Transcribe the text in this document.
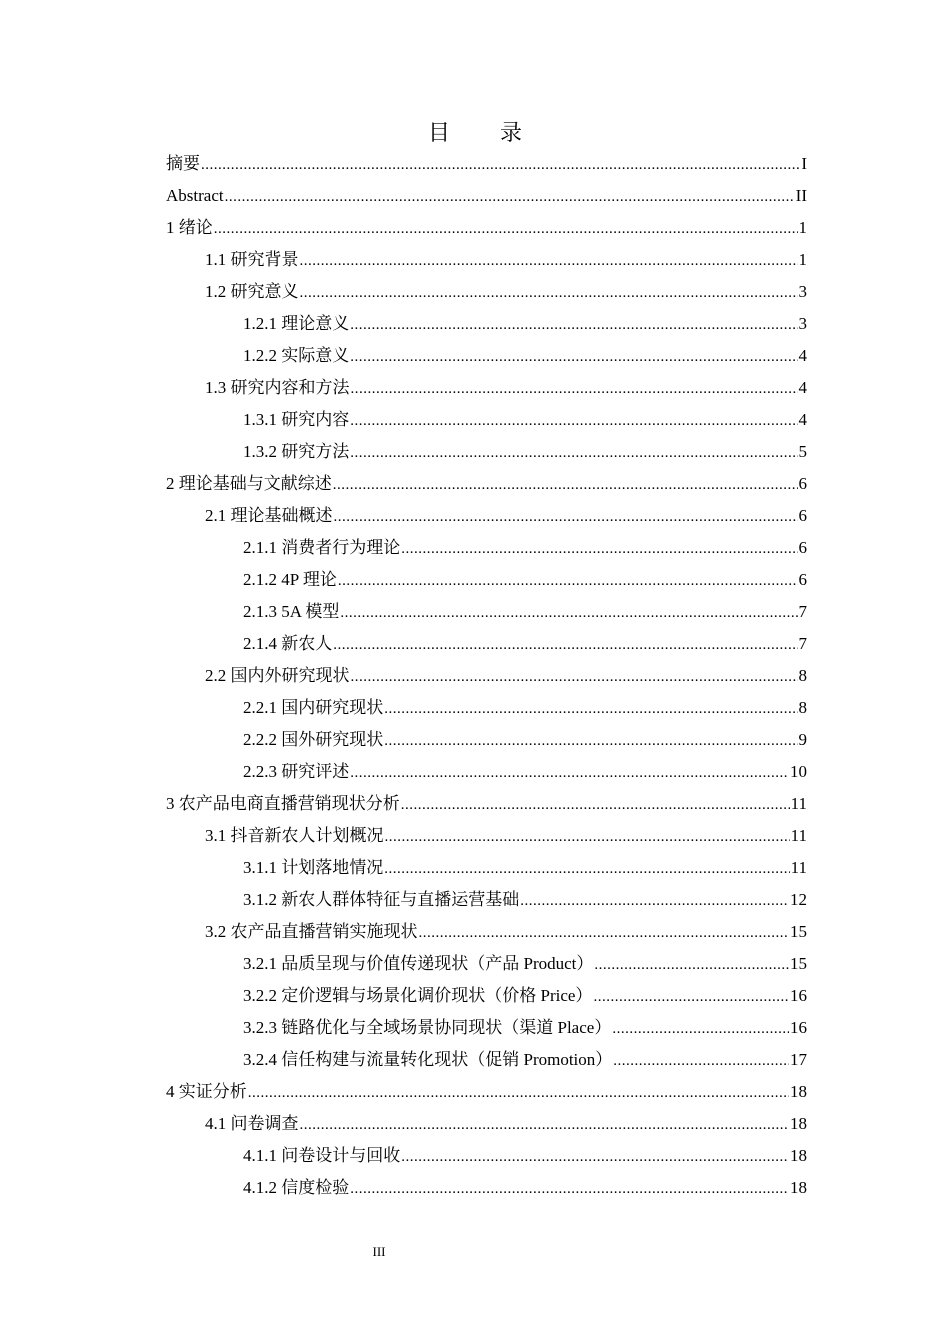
目　录
摘要 .....	I
Abstract .....	II
1 绪论 .....	1
1.1 研究背景 .....	1
1.2 研究意义 .....	3
1.2.1 理论意义 .....	3
1.2.2 实际意义 .....	4
1.3 研究内容和方法 .....	4
1.3.1 研究内容 .....	4
1.3.2 研究方法 .....	5
2 理论基础与文献综述 .....	6
2.1 理论基础概述 .....	6
2.1.1 消费者行为理论 .....	6
2.1.2 4P 理论 .....	6
2.1.3 5A 模型 .....	7
2.1.4 新农人 .....	7
2.2 国内外研究现状 .....	8
2.2.1 国内研究现状 .....	8
2.2.2 国外研究现状 .....	9
2.2.3 研究评述 .....	10
3 农产品电商直播营销现状分析 .....	11
3.1 抖音新农人计划概况 .....	11
3.1.1 计划落地情况 .....	11
3.1.2 新农人群体特征与直播运营基础 .....	12
3.2 农产品直播营销实施现状 .....	15
3.2.1 品质呈现与价值传递现状（产品 Product） .....	15
3.2.2 定价逻辑与场景化调价现状（价格 Price） .....	16
3.2.3 链路优化与全域场景协同现状（渠道 Place） .....	16
3.2.4 信任构建与流量转化现状（促销 Promotion） .....	17
4 实证分析 .....	18
4.1 问卷调查 .....	18
4.1.1 问卷设计与回收 .....	18
4.1.2 信度检验 .....	18
III
